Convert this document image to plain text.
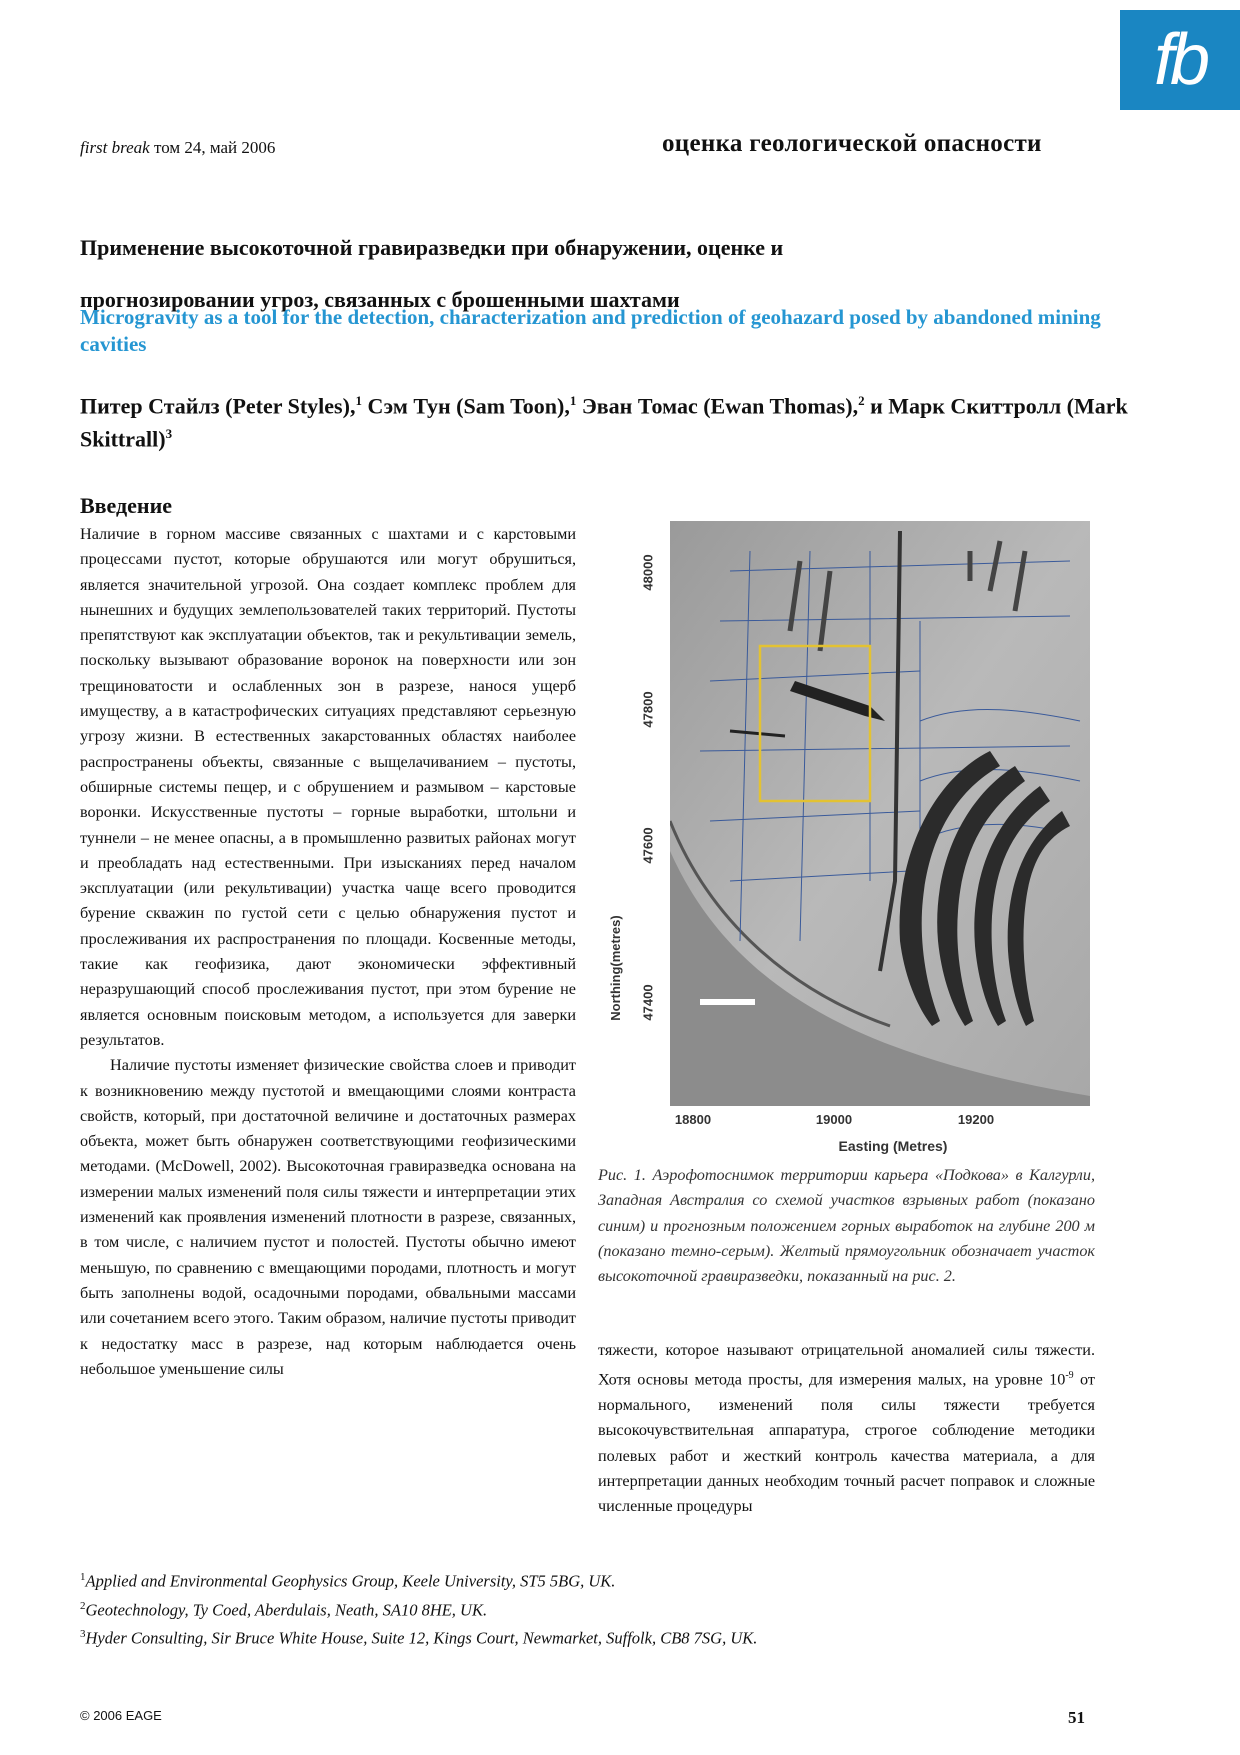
fb
first break том 24, май 2006	оценка геологической опасности
Применение высокоточной гравиразведки при обнаружении, оценке и
прогнозировании угроз, связанных с брошенными шахтами
Microgravity as a tool for the detection, characterization and prediction of geohazard posed by abandoned mining cavities
Питер Стайлз (Peter Styles),$^1$ Сэм Тун (Sam Toon),$^1$ Эван Томас (Ewan Thomas),$^2$ и Марк Скиттролл (Mark Skittrall)$^3$
Введение

Наличие в горном массиве связанных с шахтами и с карстовыми процессами пустот, которые обрушаются или могут обрушиться, является значительной угрозой. Она создает комплекс проблем для нынешних и будущих землепользователей таких территорий. Пустоты препятствуют как эксплуатации объектов, так и рекультивации земель, поскольку вызывают образование воронок на поверхности или зон трещиноватости и ослабленных зон в разрезе, нанося ущерб имуществу, а в катастрофических ситуациях представляют серьезную угрозу жизни. В естественных закарстованных областях наиболее распространены объекты, связанные с выщелачиванием – пустоты, обширные системы пещер, и с обрушением и размывом – карстовые воронки. Искусственные пустоты – горные выработки, штольни и туннели – не менее опасны, а в промышленно развитых районах могут и преобладать над естественными. При изысканиях перед началом эксплуатации (или рекультивации) участка чаще всего проводится бурение скважин по густой сети с целью обнаружения пустот и прослеживания их распространения по площади. Косвенные методы, такие как геофизика, дают экономически эффективный неразрушающий способ прослеживания пустот, при этом бурение не является основным поисковым методом, а используется для заверки результатов.

Наличие пустоты изменяет физические свойства слоев и приводит к возникновению между пустотой и вмещающими слоями контраста свойств, который, при достаточной величине и достаточных размерах объекта, может быть обнаружен соответствующими геофизическими методами. (McDowell, 2002). Высокоточная гравиразведка основана на измерении малых изменений поля силы тяжести и интерпретации этих изменений как проявления изменений плотности в разрезе, связанных, в том числе, с наличием пустот и полостей. Пустоты обычно имеют меньшую, по сравнению с вмещающими породами, плотность и могут быть заполнены водой, осадочными породами, обвальными массами или сочетанием всего этого. Таким образом, наличие пустоты приводит к недостатку масс в разрезе, над которым наблюдается очень небольшое уменьшение силы

Northing(metres)
48000
47800
47600
47400
18800	19000	19200
Easting (Metres)
Рис. 1. Аэрофотоснимок территории карьера «Подкова» в Калгурли, Западная Австралия со схемой участков взрывных работ (показано синим) и прогнозным положением горных выработок на глубине 200 м (показано темно-серым). Желтый прямоугольник обозначает участок высокоточной гравиразведки, показанный на рис. 2.
тяжести, которое называют отрицательной аномалией силы тяжести. Хотя основы метода просты, для измерения малых, на уровне $10^{-9}$ от нормального, изменений поля силы тяжести требуется высокочувствительная аппаратура, строгое соблюдение методики полевых работ и жесткий контроль качества материала, а для интерпретации данных необходим точный расчет поправок и сложные численные процедуры
$^1$Applied and Environmental Geophysics Group, Keele University, ST5 5BG, UK.
$^2$Geotechnology, Ty Coed, Aberdulais, Neath, SA10 8HE, UK.
$^3$Hyder Consulting, Sir Bruce White House, Suite 12, Kings Court, Newmarket, Suffolk, CB8 7SG, UK.
© 2006 EAGE	51
